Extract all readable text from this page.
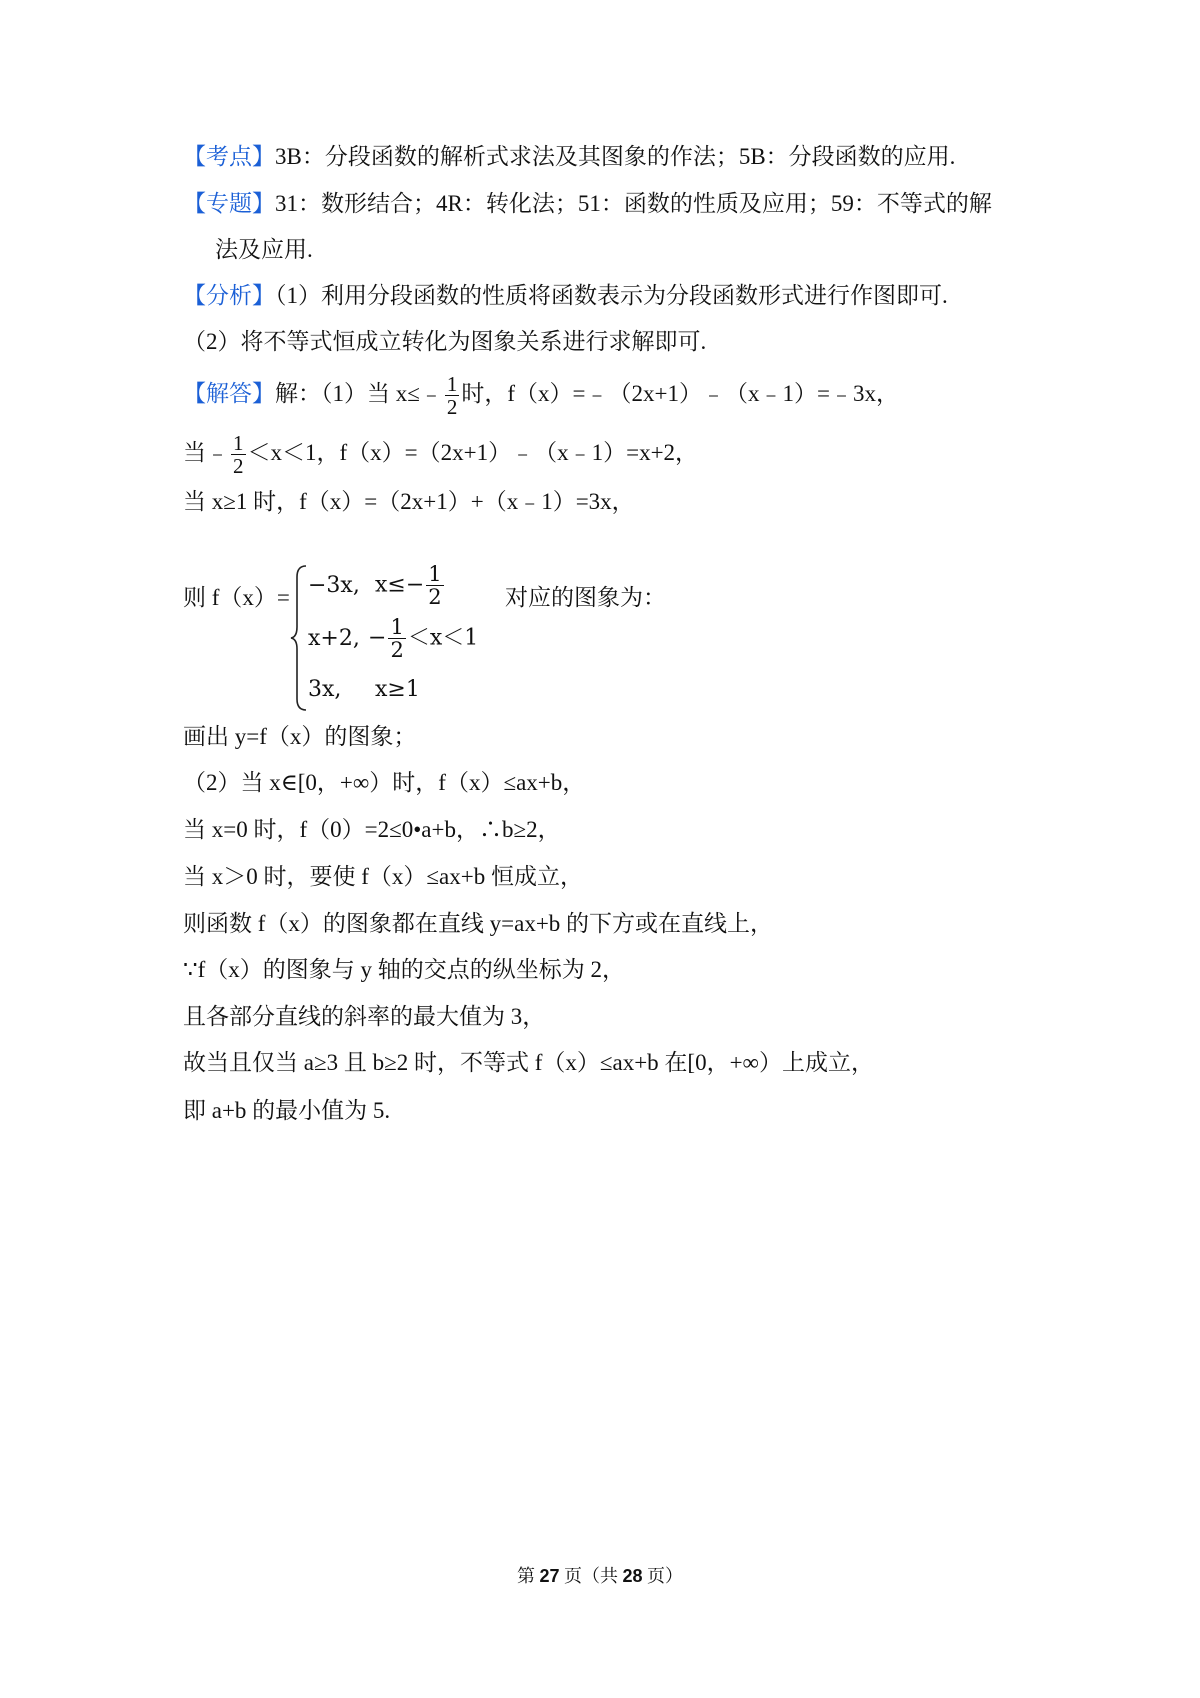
【考点】3B：分段函数的解析式求法及其图象的作法；5B：分段函数的应用.
【专题】31：数形结合；4R：转化法；51：函数的性质及应用；59：不等式的解
法及应用.
【分析】（1）利用分段函数的性质将函数表示为分段函数形式进行作图即可.
（2）将不等式恒成立转化为图象关系进行求解即可.
【解答】解：（1）当 x≤﹣ $\frac{1}{2}$ 时，f（x）=﹣（2x+1）﹣（x﹣1）=﹣3x，
当﹣ $\frac{1}{2} <x<1$，f（x）=（2x+1）﹣（x﹣1）=x+2，
当 x≥1 时，f（x）=（2x+1）+（x﹣1）=3x，
则 f（x）= −3x, $x\le- \frac{1}{2}$
x+2, − $\frac{1}{2} <x<1$
3x, x≥1
对应的图象为：
画出 y=f（x）的图象；
（2）当 x∈[0，+∞）时，f（x）≤ax+b，
当 x=0 时，f（0）=2≤0•a+b，∴b≥2，
当 x＞0 时，要使 f（x）≤ax+b 恒成立，
则函数 f（x）的图象都在直线 y=ax+b 的下方或在直线上，
∵f（x）的图象与 y 轴的交点的纵坐标为 2，
且各部分直线的斜率的最大值为 3，
故当且仅当 a≥3 且 b≥2 时，不等式 f（x）≤ax+b 在[0，+∞）上成立，
即 a+b 的最小值为 5.
第 27 页（共 28 页）
